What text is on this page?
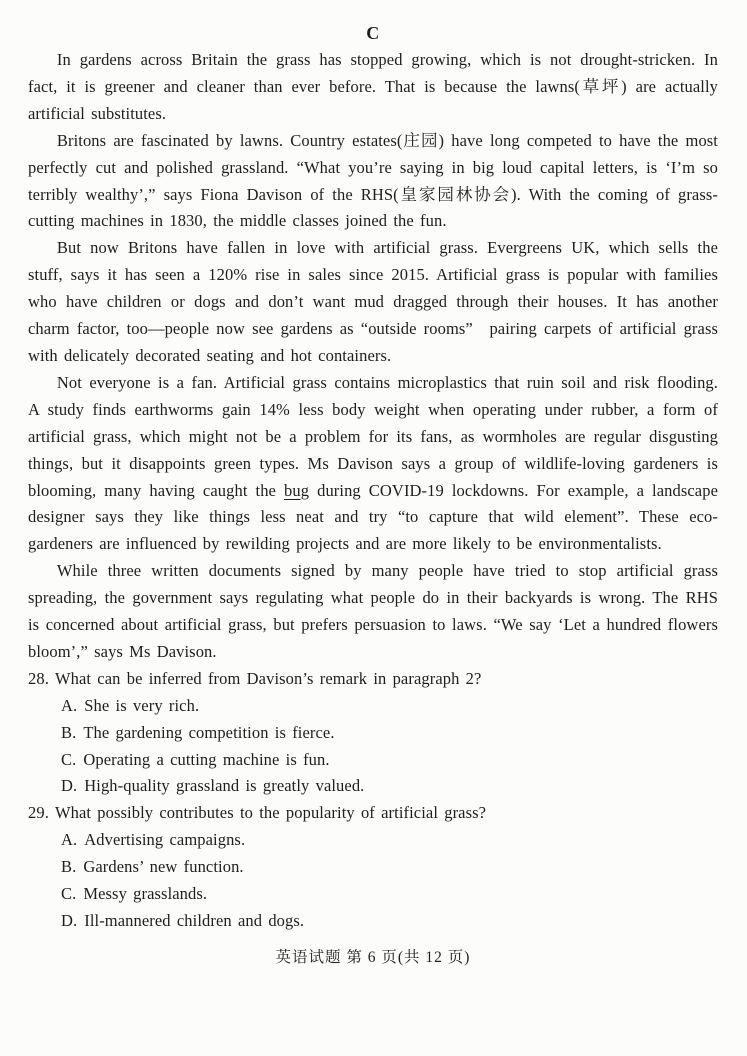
C

In gardens across Britain the grass has stopped growing, which is not drought-stricken. In fact, it is greener and cleaner than ever before. That is because the lawns(草坪) are actually artificial substitutes.

Britons are fascinated by lawns. Country estates(庄园) have long competed to have the most perfectly cut and polished grassland. “What you’re saying in big loud capital letters, is ‘I’m so terribly wealthy’,” says Fiona Davison of the RHS(皇家园林协会). With the coming of grass-cutting machines in 1830, the middle classes joined the fun.

But now Britons have fallen in love with artificial grass. Evergreens UK, which sells the stuff, says it has seen a 120% rise in sales since 2015. Artificial grass is popular with families who have children or dogs and don’t want mud dragged through their houses. It has another charm factor, too—people now see gardens as “outside rooms” pairing carpets of artificial grass with delicately decorated seating and hot containers.

Not everyone is a fan. Artificial grass contains microplastics that ruin soil and risk flooding. A study finds earthworms gain 14% less body weight when operating under rubber, a form of artificial grass, which might not be a problem for its fans, as wormholes are regular disgusting things, but it disappoints green types. Ms Davison says a group of wildlife-loving gardeners is blooming, many having caught the bug during COVID-19 lockdowns. For example, a landscape designer says they like things less neat and try “to capture that wild element”. These eco-gardeners are influenced by rewilding projects and are more likely to be environmentalists.

While three written documents signed by many people have tried to stop artificial grass spreading, the government says regulating what people do in their backyards is wrong. The RHS is concerned about artificial grass, but prefers persuasion to laws. “We say ‘Let a hundred flowers bloom’,” says Ms Davison.

28. What can be inferred from Davison’s remark in paragraph 2?
A. She is very rich.
B. The gardening competition is fierce.
C. Operating a cutting machine is fun.
D. High-quality grassland is greatly valued.
29. What possibly contributes to the popularity of artificial grass?
A. Advertising campaigns.
B. Gardens’ new function.
C. Messy grasslands.
D. Ill-mannered children and dogs.
英语试题 第 6 页(共 12 页)
